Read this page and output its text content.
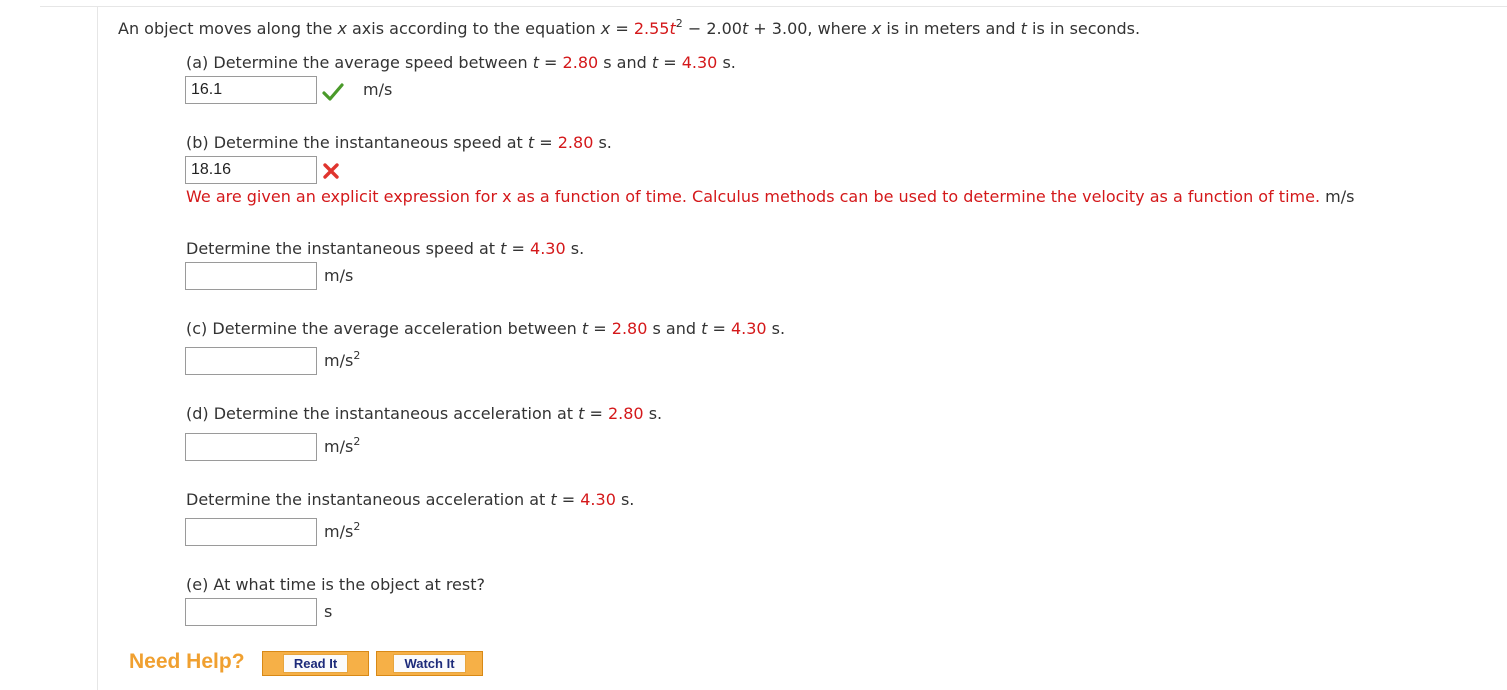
An object moves along the x axis according to the equation $x = 2.55t^2 - 2.00t + 3.00$, where x is in meters and t is in seconds.
(a) Determine the average speed between t = 2.80 s and t = 4.30 s.
16.1	m/s
(b) Determine the instantaneous speed at t = 2.80 s.
18.16
We are given an explicit expression for x as a function of time. Calculus methods can be used to determine the velocity as a function of time. m/s
Determine the instantaneous speed at t = 4.30 s.
m/s
(c) Determine the average acceleration between t = 2.80 s and t = 4.30 s.
$m/s^2$
(d) Determine the instantaneous acceleration at t = 2.80 s.
$m/s^2$
Determine the instantaneous acceleration at t = 4.30 s.
$m/s^2$
(e) At what time is the object at rest?
s
Need Help?	Read It	Watch It
